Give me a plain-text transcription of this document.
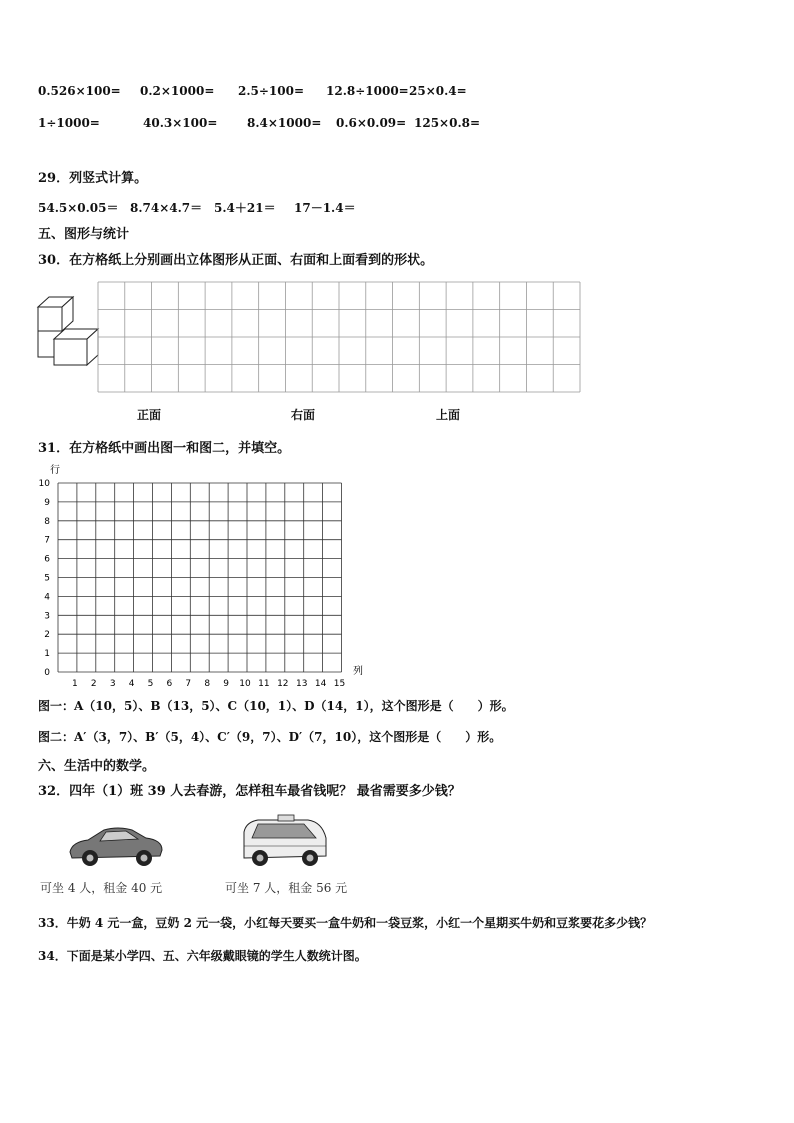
0.526×100= 0.2×1000= 2.5÷100= 12.8÷1000= 25×0.4=
1÷1000=	40.3×100= 8.4×1000= 0.6×0.09= 125×0.8=
29．列竖式计算。
54.5×0.05＝ 8.74×4.7＝ 5.4＋21＝ 17－1.4＝
五、图形与统计
30．在方格纸上分别画出立体图形从正面、右面和上面看到的形状。
正面	右面	上面
31．在方格纸中画出图一和图二，并填空。
10
9
8
7
6
5
4
3
2
1
0
1 2 3 4 5 6 7 8 9 10 11 12 13 14 15
行
列
图一：A（10，5）、B（13，5）、C（10，1）、D（14，1），这个图形是（　　）形。
图二：A′（3，7）、B′（5，4）、C′（9，7）、D′（7，10），这个图形是（　　）形。
六、生活中的数学。
32．四年（1）班 39 人去春游，怎样租车最省钱呢？ 最省需要多少钱？
可坐 4 人，租金 40 元	可坐 7 人，租金 56 元
33．牛奶 4 元一盒，豆奶 2 元一袋，小红每天要买一盒牛奶和一袋豆浆，小红一个星期买牛奶和豆浆要花多少钱？
34．下面是某小学四、五、六年级戴眼镜的学生人数统计图。
